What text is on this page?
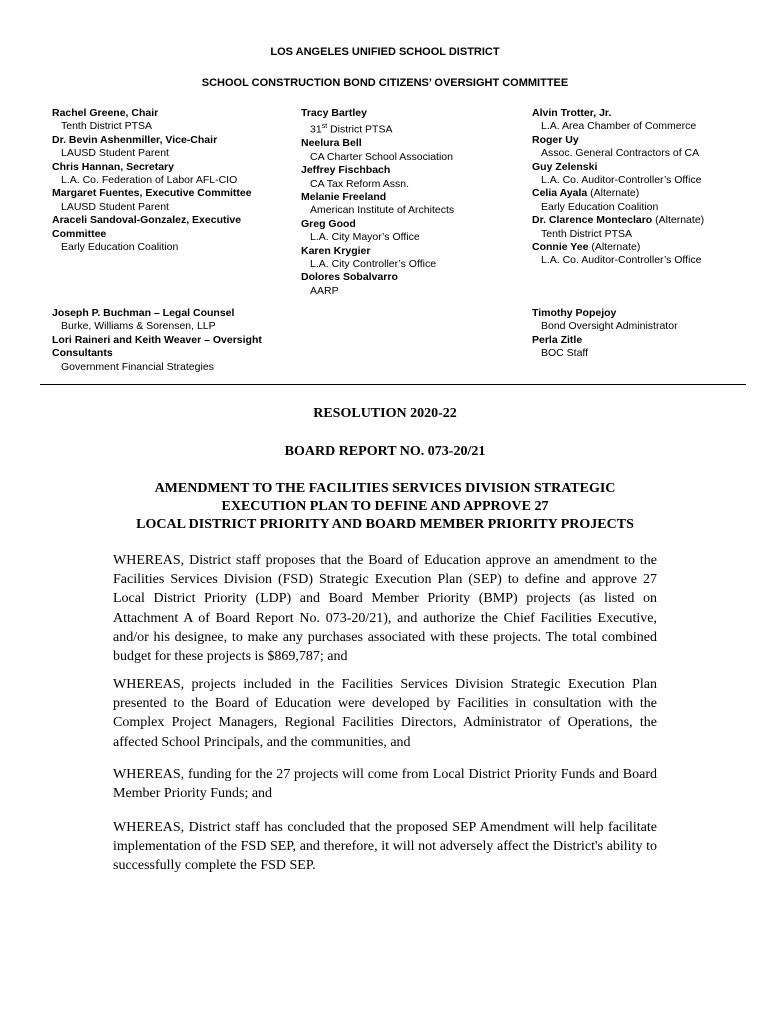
LOS ANGELES UNIFIED SCHOOL DISTRICT
SCHOOL CONSTRUCTION BOND CITIZENS’ OVERSIGHT COMMITTEE
Rachel Greene, Chair
Tenth District PTSA
Dr. Bevin Ashenmiller, Vice-Chair
LAUSD Student Parent
Chris Hannan, Secretary
L.A. Co. Federation of Labor AFL-CIO
Margaret Fuentes, Executive Committee
LAUSD Student Parent
Araceli Sandoval-Gonzalez, Executive Committee
Early Education Coalition
Tracy Bartley
31st District PTSA
Neelura Bell
CA Charter School Association
Jeffrey Fischbach
CA Tax Reform Assn.
Melanie Freeland
American Institute of Architects
Greg Good
L.A. City Mayor’s Office
Karen Krygier
L.A. City Controller’s Office
Dolores Sobalvarro
AARP
Alvin Trotter, Jr.
L.A. Area Chamber of Commerce
Roger Uy
Assoc. General Contractors of CA
Guy Zelenski
L.A. Co. Auditor-Controller’s Office
Celia Ayala (Alternate)
Early Education Coalition
Dr. Clarence Monteclaro (Alternate)
Tenth District PTSA
Connie Yee (Alternate)
L.A. Co. Auditor-Controller’s Office
Joseph P. Buchman – Legal Counsel
Burke, Williams & Sorensen, LLP
Lori Raineri and Keith Weaver – Oversight Consultants
Government Financial Strategies
Timothy Popejoy
Bond Oversight Administrator
Perla Zitle
BOC Staff
RESOLUTION 2020-22
BOARD REPORT NO. 073-20/21
AMENDMENT TO THE FACILITIES SERVICES DIVISION STRATEGIC
EXECUTION PLAN TO DEFINE AND APPROVE 27
LOCAL DISTRICT PRIORITY AND BOARD MEMBER PRIORITY PROJECTS
WHEREAS, District staff proposes that the Board of Education approve an amendment to the Facilities Services Division (FSD) Strategic Execution Plan (SEP) to define and approve 27 Local District Priority (LDP) and Board Member Priority (BMP) projects (as listed on Attachment A of Board Report No. 073-20/21), and authorize the Chief Facilities Executive, and/or his designee, to make any purchases associated with these projects. The total combined budget for these projects is $869,787; and
WHEREAS, projects included in the Facilities Services Division Strategic Execution Plan presented to the Board of Education were developed by Facilities in consultation with the Complex Project Managers, Regional Facilities Directors, Administrator of Operations, the affected School Principals, and the communities, and
WHEREAS, funding for the 27 projects will come from Local District Priority Funds and Board Member Priority Funds; and
WHEREAS, District staff has concluded that the proposed SEP Amendment will help facilitate implementation of the FSD SEP, and therefore, it will not adversely affect the District's ability to successfully complete the FSD SEP.
